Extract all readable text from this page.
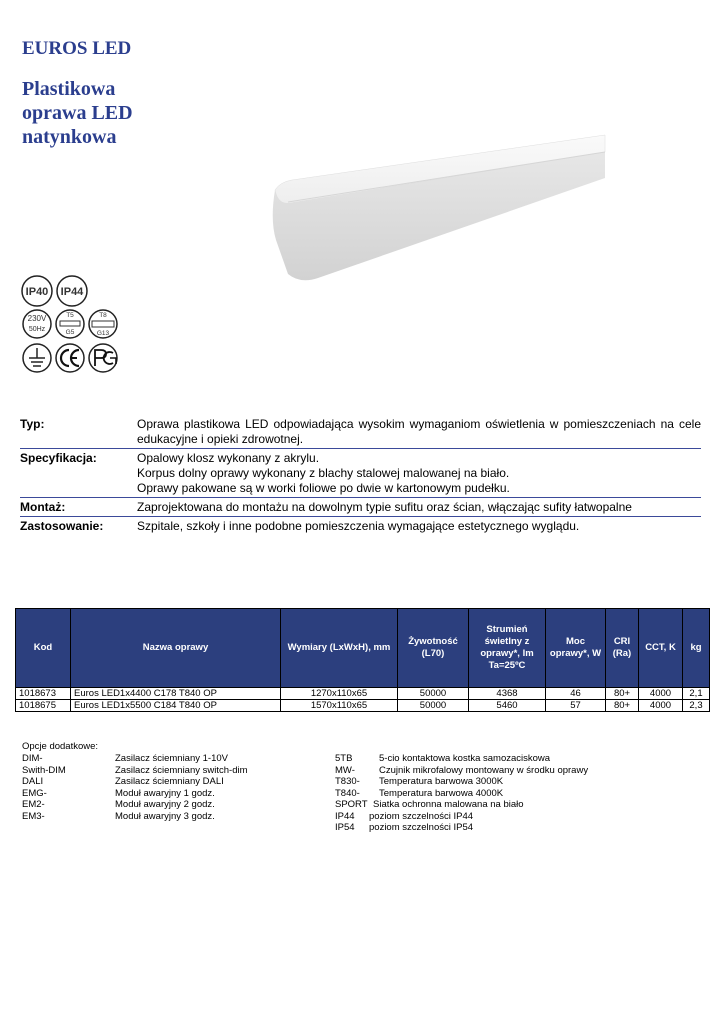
EUROS LED
Plastikowa
oprawa LED
natynkowa
IP40 IP44
230V
50Hz
T5
G5
T8
G13
Typ:	Oprawa plastikowa LED odpowiadająca wysokim wymaganiom oświetlenia w pomieszczeniach na cele edukacyjne i opieki zdrowotnej.
Specyfikacja:	Opalowy klosz wykonany z akrylu.
Korpus dolny oprawy wykonany z blachy stalowej malowanej na biało.
Oprawy pakowane są w worki foliowe po dwie w kartonowym pudełku.

Montaż:	Zaprojektowana do montażu na dowolnym typie sufitu oraz ścian, włączając sufity łatwopalne
Zastosowanie:	Szpitale, szkoły i inne podobne pomieszczenia wymagające estetycznego wyglądu.
Kod	Nazwa oprawy	Wymiary (LxWxH), mm	Żywotność (L70)	Strumień świetlny z oprawy*, lm Ta=25ºC	Moc oprawy*, W	CRI (Ra)	CCT, K	kg
1018673	Euros LED1x4400 C178 T840 OP	1270x110x65	50000	4368	46	80+	4000	2,1
1018675	Euros LED1x5500 C184 T840 OP	1570x110x65	50000	5460	57	80+	4000	2,3
Opcje dodatkowe:
DIM-	Zasilacz ściemniany 1-10V
Swith-DIM	Zasilacz ściemniany switch-dim
DALI	Zasilacz ściemniany DALI
EMG-	Moduł awaryjny 1 godz.
EM2-	Moduł awaryjny 2 godz.
EM3-	Moduł awaryjny 3 godz.
5TB	5-cio kontaktowa kostka samozaciskowa
MW-	Czujnik mikrofalowy montowany w środku oprawy
T830- Temperatura barwowa 3000K
T840- Temperatura barwowa 4000K
SPORT Siatka ochronna malowana na biało
IP44 poziom szczelności IP44
IP54 poziom szczelności IP54
